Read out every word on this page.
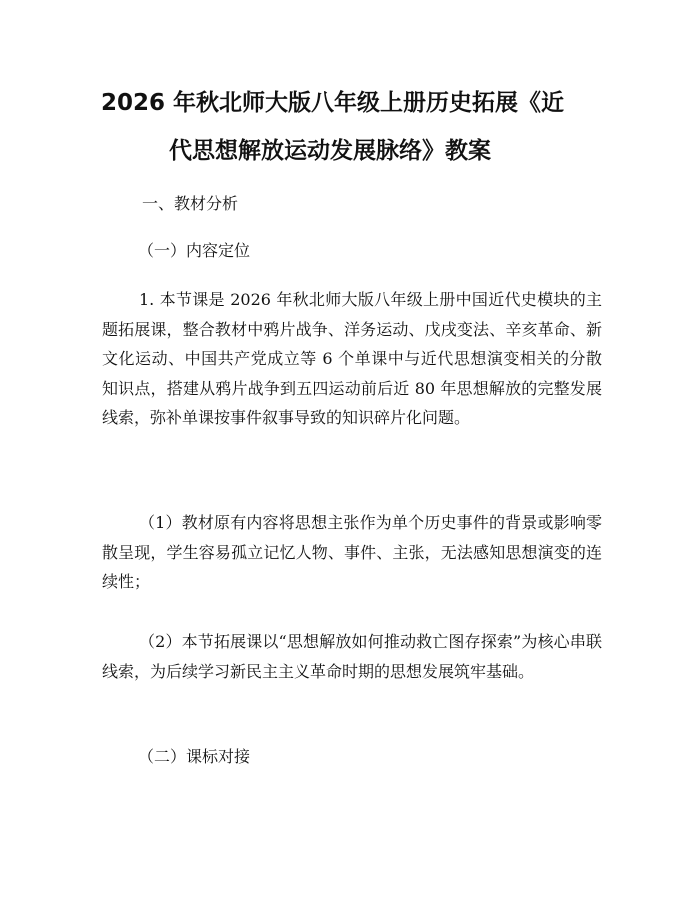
2026 年秋北师大版八年级上册历史拓展《近
代思想解放运动发展脉络》教案

一、教材分析

（一）内容定位

1. 本节课是 2026 年秋北师大版八年级上册中国近代史模块的主题拓展课，整合教材中鸦片战争、洋务运动、戊戌变法、辛亥革命、新文化运动、中国共产党成立等 6 个单课中与近代思想演变相关的分散知识点，搭建从鸦片战争到五四运动前后近 80 年思想解放的完整发展线索，弥补单课按事件叙事导致的知识碎片化问题。

（1）教材原有内容将思想主张作为单个历史事件的背景或影响零散呈现，学生容易孤立记忆人物、事件、主张，无法感知思想演变的连续性；

（2）本节拓展课以“思想解放如何推动救亡图存探索”为核心串联线索，为后续学习新民主主义革命时期的思想发展筑牢基础。

（二）课标对接
